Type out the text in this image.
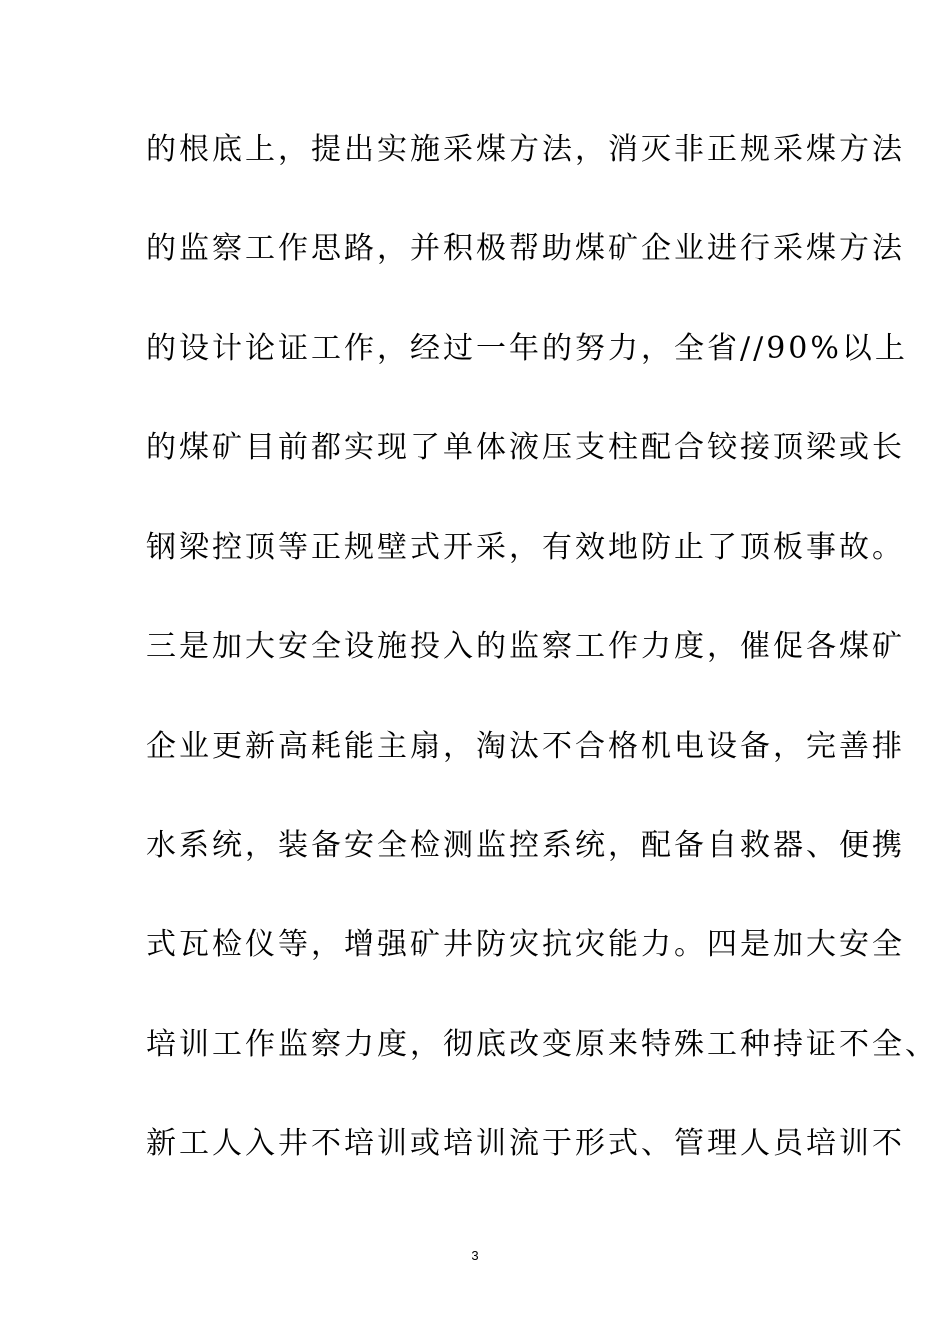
的根底上，提出实施采煤方法，消灭非正规采煤方法

的监察工作思路，并积极帮助煤矿企业进行采煤方法

的设计论证工作，经过一年的努力，全省//90%以上

的煤矿目前都实现了单体液压支柱配合铰接顶梁或长

钢梁控顶等正规壁式开采，有效地防止了顶板事故。

三是加大安全设施投入的监察工作力度，催促各煤矿

企业更新高耗能主扇，淘汰不合格机电设备，完善排

水系统，装备安全检测监控系统，配备自救器、便携

式瓦检仪等，增强矿井防灾抗灾能力。四是加大安全

培训工作监察力度，彻底改变原来特殊工种持证不全、

新工人入井不培训或培训流于形式、管理人员培训不

3
